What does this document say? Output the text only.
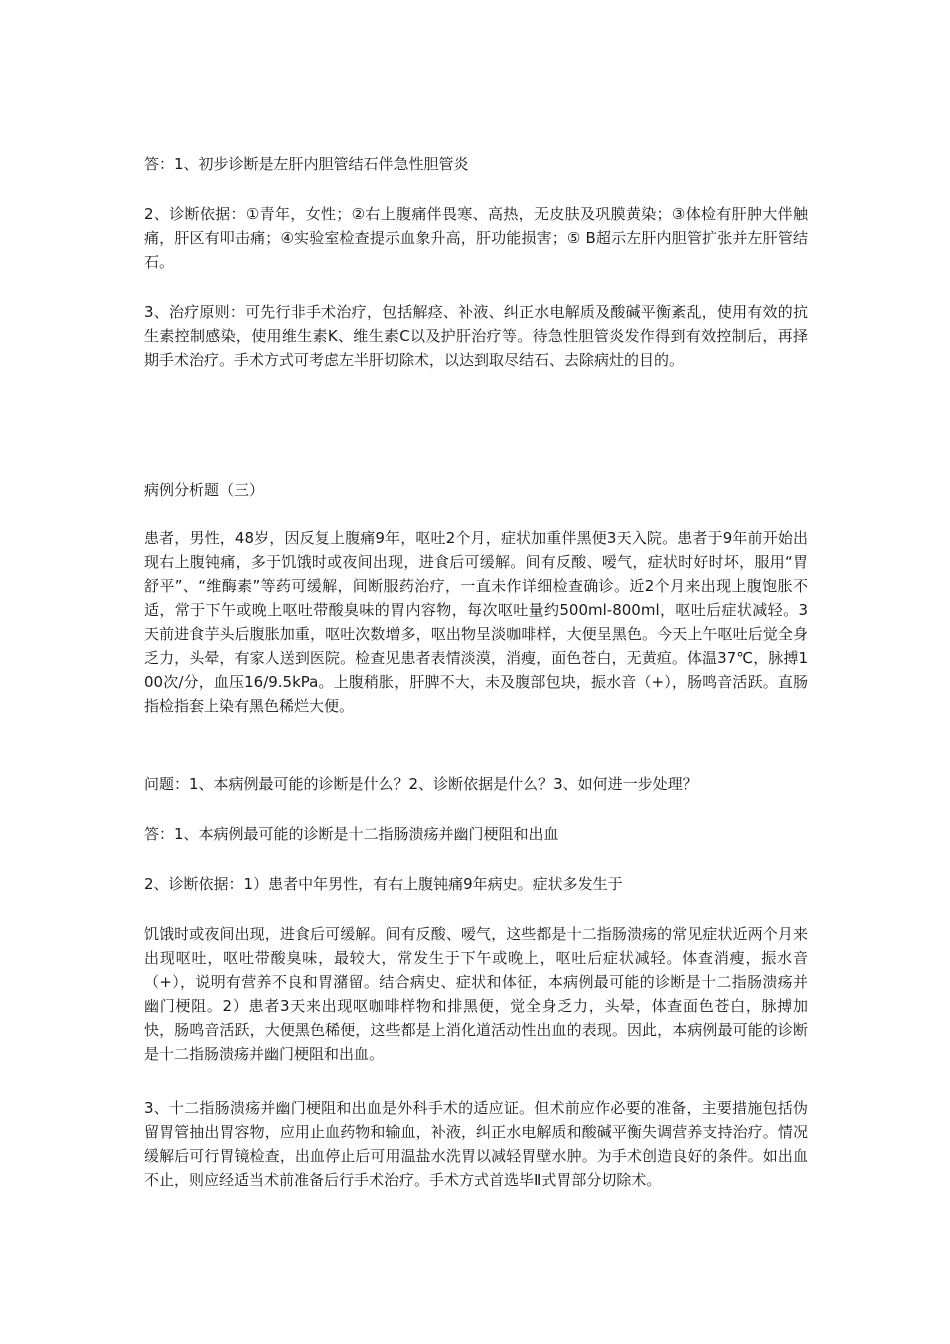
答：1、初步诊断是左肝内胆管结石伴急性胆管炎

2、诊断依据：①青年，女性；②右上腹痛伴畏寒、高热，无皮肤及巩膜黄染；③体检有肝肿大伴触痛，肝区有叩击痛；④实验室检查提示血象升高，肝功能损害；⑤ B超示左肝内胆管扩张并左肝管结石。

3、治疗原则：可先行非手术治疗，包括解痉、补液、纠正水电解质及酸碱平衡紊乱，使用有效的抗生素控制感染，使用维生素K、维生素C以及护肝治疗等。待急性胆管炎发作得到有效控制后，再择期手术治疗。手术方式可考虑左半肝切除术，以达到取尽结石、去除病灶的目的。

病例分析题（三）

患者，男性，48岁，因反复上腹痛9年，呕吐2个月，症状加重伴黑便3天入院。患者于9年前开始出现右上腹钝痛，多于饥饿时或夜间出现，进食后可缓解。间有反酸、嗳气，症状时好时坏，服用“胃舒平”、“维酶素”等药可缓解，间断服药治疗，一直未作详细检查确诊。近2个月来出现上腹饱胀不适，常于下午或晚上呕吐带酸臭味的胃内容物，每次呕吐量约500ml-800ml，呕吐后症状减轻。3天前进食芋头后腹胀加重，呕吐次数增多，呕出物呈淡咖啡样，大便呈黑色。今天上午呕吐后觉全身乏力，头晕，有家人送到医院。检查见患者表情淡漠，消瘦，面色苍白，无黄疸。体温37℃，脉搏100次/分，血压16/9.5kPa。上腹稍胀，肝脾不大，未及腹部包块，振水音（+），肠鸣音活跃。直肠指检指套上染有黑色稀烂大便。

问题：1、本病例最可能的诊断是什么？2、诊断依据是什么？3、如何进一步处理？

答：1、本病例最可能的诊断是十二指肠溃疡并幽门梗阻和出血

2、诊断依据：1）患者中年男性，有右上腹钝痛9年病史。症状多发生于

饥饿时或夜间出现，进食后可缓解。间有反酸、嗳气，这些都是十二指肠溃疡的常见症状近两个月来出现呕吐，呕吐带酸臭味，最较大，常发生于下午或晚上，呕吐后症状减轻。体查消瘦，振水音（+），说明有营养不良和胃潴留。结合病史、症状和体征，本病例最可能的诊断是十二指肠溃疡并幽门梗阻。2）患者3天来出现呕咖啡样物和排黑便，觉全身乏力，头晕，体查面色苍白，脉搏加快，肠鸣音活跃，大便黑色稀便，这些都是上消化道活动性出血的表现。因此，本病例最可能的诊断是十二指肠溃疡并幽门梗阻和出血。

3、十二指肠溃疡并幽门梗阻和出血是外科手术的适应证。但术前应作必要的准备，主要措施包括伪留胃管抽出胃容物，应用止血药物和输血，补液，纠正水电解质和酸碱平衡失调营养支持治疗。情况缓解后可行胃镜检查，出血停止后可用温盐水洗胃以减轻胃壁水肿。为手术创造良好的条件。如出血不止，则应经适当术前准备后行手术治疗。手术方式首选毕Ⅱ式胃部分切除术。
